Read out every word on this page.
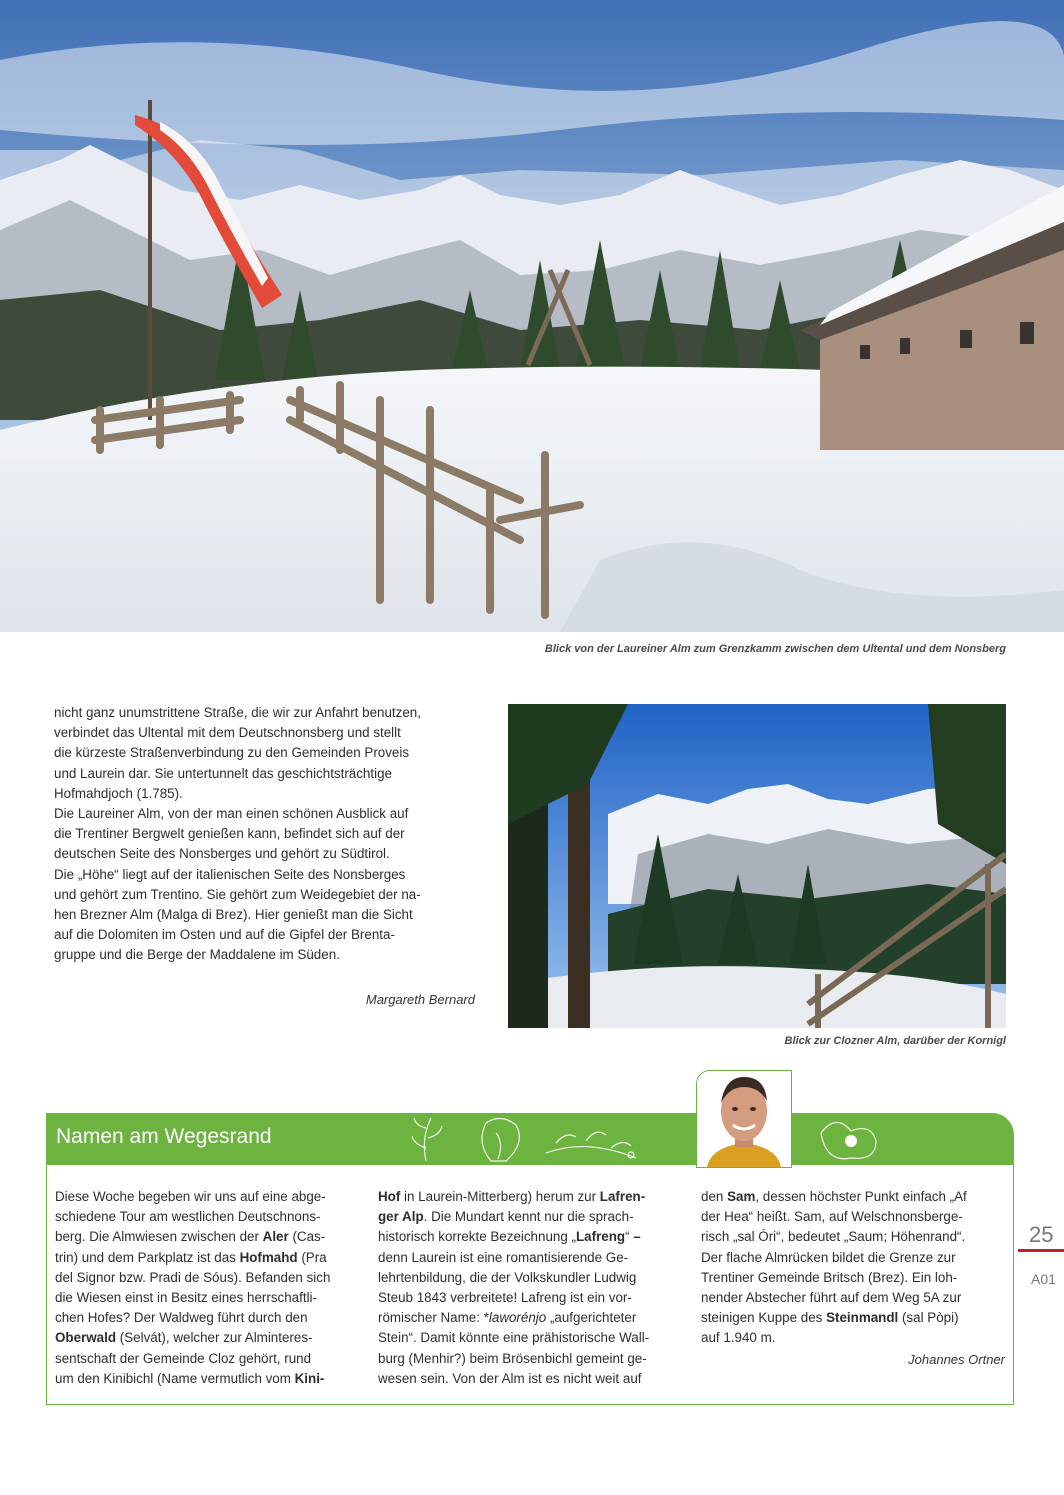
Blick von der Laureiner Alm zum Grenzkamm zwischen dem Ultental und dem Nonsberg
nicht ganz unumstrittene Straße, die wir zur Anfahrt benutzen,
verbindet das Ultental mit dem Deutschnonsberg und stellt
die kürzeste Straßenverbindung zu den Gemeinden Proveis
und Laurein dar. Sie untertunnelt das geschichtsträchtige
Hofmahdjoch (1.785).
Die Laureiner Alm, von der man einen schönen Ausblick auf
die Trentiner Bergwelt genießen kann, befindet sich auf der
deutschen Seite des Nonsberges und gehört zu Südtirol.
Die „Höhe“ liegt auf der italienischen Seite des Nonsberges
und gehört zum Trentino. Sie gehört zum Weidegebiet der na-
hen Brezner Alm (Malga di Brez). Hier genießt man die Sicht
auf die Dolomiten im Osten und auf die Gipfel der Brenta-
gruppe und die Berge der Maddalene im Süden.
Margareth Bernard
Blick zur Clozner Alm, darüber der Kornigl
Namen am Wegesrand
Diese Woche begeben wir uns auf eine abge-
schiedene Tour am westlichen Deutschnons-
berg. Die Almwiesen zwischen der Aler (Cas-
trin) und dem Parkplatz ist das Hofmahd (Pra
del Signor bzw. Pradi de Sóus). Befanden sich
die Wiesen einst in Besitz eines herrschaftli-
chen Hofes? Der Waldweg führt durch den
Oberwald (Selvát), welcher zur Alminteres-
sentschaft der Gemeinde Cloz gehört, rund
um den Kinibichl (Name vermutlich vom Kini-
Hof in Laurein-Mitterberg) herum zur Lafren-
ger Alp. Die Mundart kennt nur die sprach-
historisch korrekte Bezeichnung „Lafreng“ –
denn Laurein ist eine romantisierende Ge-
lehrtenbildung, die der Volkskundler Ludwig
Steub 1843 verbreitete! Lafreng ist ein vor-
römischer Name: *laworénjo „aufgerichteter
Stein“. Damit könnte eine prähistorische Wall-
burg (Menhir?) beim Brösenbichl gemeint ge-
wesen sein. Von der Alm ist es nicht weit auf
den Sam, dessen höchster Punkt einfach „Af
der Hea“ heißt. Sam, auf Welschnonsberge-
risch „sal Óri“, bedeutet „Saum; Höhenrand“.
Der flache Almrücken bildet die Grenze zur
Trentiner Gemeinde Britsch (Brez). Ein loh-
nender Abstecher führt auf dem Weg 5A zur
steinigen Kuppe des Steinmandl (sal Pòpi)
auf 1.940 m.
Johannes Ortner
25
A01
